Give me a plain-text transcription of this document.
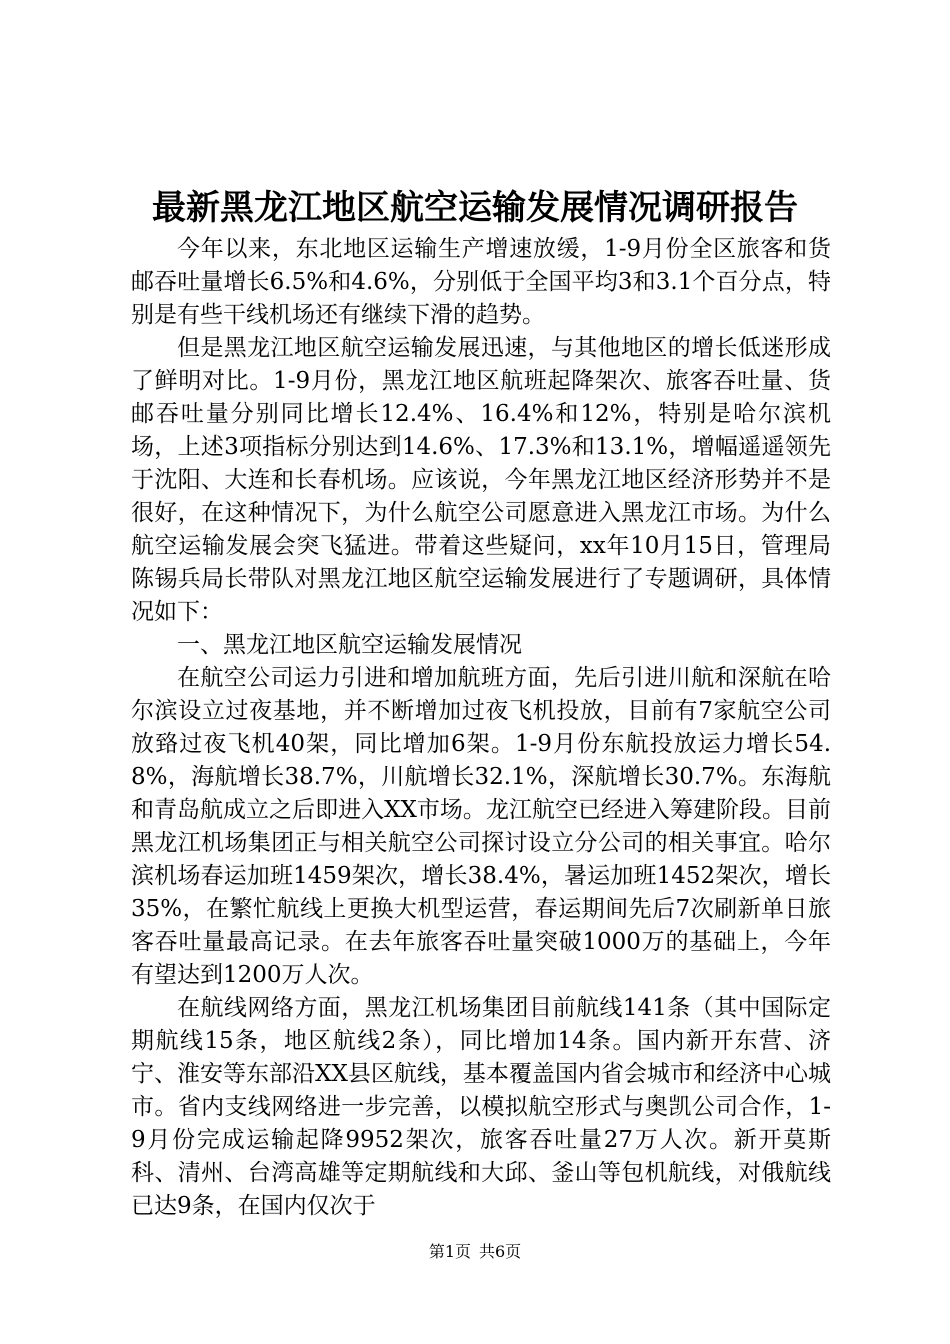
最新黑龙江地区航空运输发展情况调研报告

今年以来，东北地区运输生产增速放缓，1-9月份全区旅客和货邮吞吐量增长6.5%和4.6%，分别低于全国平均3和3.1个百分点，特别是有些干线机场还有继续下滑的趋势。

但是黑龙江地区航空运输发展迅速，与其他地区的增长低迷形成了鲜明对比。1-9月份，黑龙江地区航班起降架次、旅客吞吐量、货邮吞吐量分别同比增长12.4%、16.4%和12%，特别是哈尔滨机场，上述3项指标分别达到14.6%、17.3%和13.1%，增幅遥遥领先于沈阳、大连和长春机场。应该说，今年黑龙江地区经济形势并不是很好，在这种情况下，为什么航空公司愿意进入黑龙江市场。为什么航空运输发展会突飞猛进。带着这些疑问，xx年10月15日，管理局陈锡兵局长带队对黑龙江地区航空运输发展进行了专题调研，具体情况如下：

一、黑龙江地区航空运输发展情况

在航空公司运力引进和增加航班方面，先后引进川航和深航在哈尔滨设立过夜基地，并不断增加过夜飞机投放，目前有7家航空公司放臵过夜飞机40架，同比增加6架。1-9月份东航投放运力增长54.8%，海航增长38.7%，川航增长32.1%，深航增长30.7%。东海航和青岛航成立之后即进入XX市场。龙江航空已经进入筹建阶段。目前黑龙江机场集团正与相关航空公司探讨设立分公司的相关事宜。哈尔滨机场春运加班1459架次，增长38.4%，暑运加班1452架次，增长35%，在繁忙航线上更换大机型运营，春运期间先后7次刷新单日旅客吞吐量最高记录。在去年旅客吞吐量突破1000万的基础上，今年有望达到1200万人次。

在航线网络方面，黑龙江机场集团目前航线141条（其中国际定期航线15条，地区航线2条），同比增加14条。国内新开东营、济宁、淮安等东部沿XX县区航线，基本覆盖国内省会城市和经济中心城市。省内支线网络进一步完善，以模拟航空形式与奥凯公司合作，1-9月份完成运输起降9952架次，旅客吞吐量27万人次。新开莫斯科、清州、台湾高雄等定期航线和大邱、釜山等包机航线，对俄航线已达9条，在国内仅次于

第1页 共6页
